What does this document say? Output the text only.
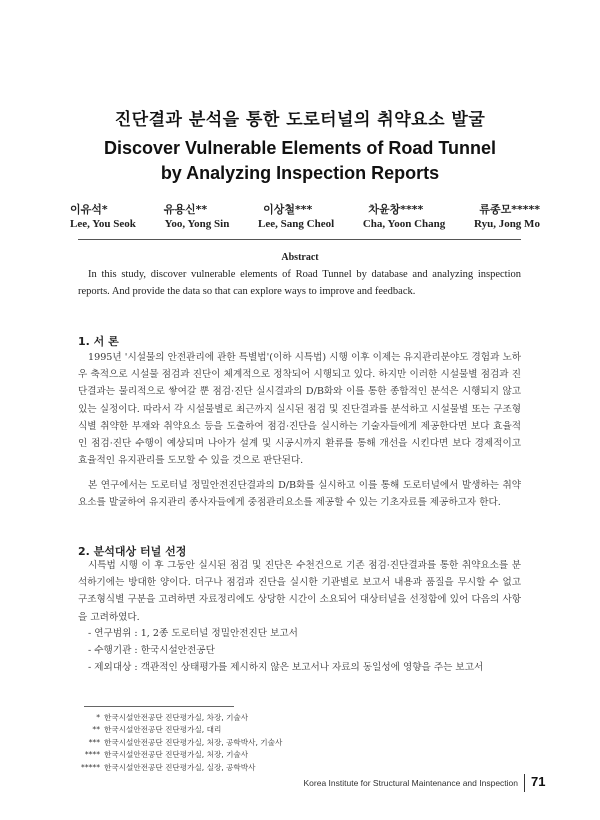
진단결과 분석을 통한 도로터널의 취약요소 발굴
Discover Vulnerable Elements of Road Tunnel
by Analyzing Inspection Reports
이유석*	유용신**	이상철***	차윤창****	류종모*****
Lee, You Seok	Yoo, Yong Sin	Lee, Sang Cheol	Cha, Yoon Chang	Ryu, Jong Mo
Abstract
In this study, discover vulnerable elements of Road Tunnel by database and analyzing inspection reports. And provide the data so that can explore ways to improve and feedback.
1. 서 론
1995년 '시설물의 안전관리에 관한 특별법'(이하 시특법) 시행 이후 이제는 유지관리분야도 경험과 노하우 축적으로 시설물 점검과 진단이 체계적으로 정착되어 시행되고 있다. 하지만 이러한 시설물별 점검과 진단결과는 물리적으로 쌓여갈 뿐 점검·진단 실시결과의 D/B화와 이를 통한 종합적인 분석은 시행되지 않고 있는 실정이다. 따라서 각 시설물별로 최근까지 실시된 점검 및 진단결과를 분석하고 시설물별 또는 구조형식별 취약한 부재와 취약요소 등을 도출하여 점검·진단을 실시하는 기술자들에게 제공한다면 보다 효율적인 점검·진단 수행이 예상되며 나아가 설계 및 시공시까지 환류를 통해 개선을 시킨다면 보다 경제적이고 효율적인 유지관리를 도모할 수 있을 것으로 판단된다.
본 연구에서는 도로터널 정밀안전진단결과의 D/B화를 실시하고 이를 통해 도로터널에서 발생하는 취약요소를 발굴하여 유지관리 종사자들에게 중점관리요소를 제공할 수 있는 기초자료를 제공하고자 한다.
2. 분석대상 터널 선정
시특법 시행 이 후 그동안 실시된 점검 및 진단은 수천건으로 기존 점검·진단결과를 통한 취약요소를 분석하기에는 방대한 양이다. 더구나 점검과 진단을 실시한 기관별로 보고서 내용과 품질을 무시할 수 없고 구조형식별 구분을 고려하면 자료정리에도 상당한 시간이 소요되어 대상터널을 선정함에 있어 다음의 사항을 고려하였다.
- 연구범위 : 1, 2종 도로터널 정밀안전진단 보고서
- 수행기관 : 한국시설안전공단
- 제외대상 : 객관적인 상태평가를 제시하지 않은 보고서나 자료의 동일성에 영향을 주는 보고서
* 한국시설안전공단 진단평가실, 차장, 기술사
** 한국시설안전공단 진단평가실, 대리
*** 한국시설안전공단 진단평가실, 처장, 공학박사, 기술사
**** 한국시설안전공단 진단평가실, 처장, 기술사
***** 한국시설안전공단 진단평가실, 실장, 공학박사
Korea Institute for Structural Maintenance and Inspection 71
